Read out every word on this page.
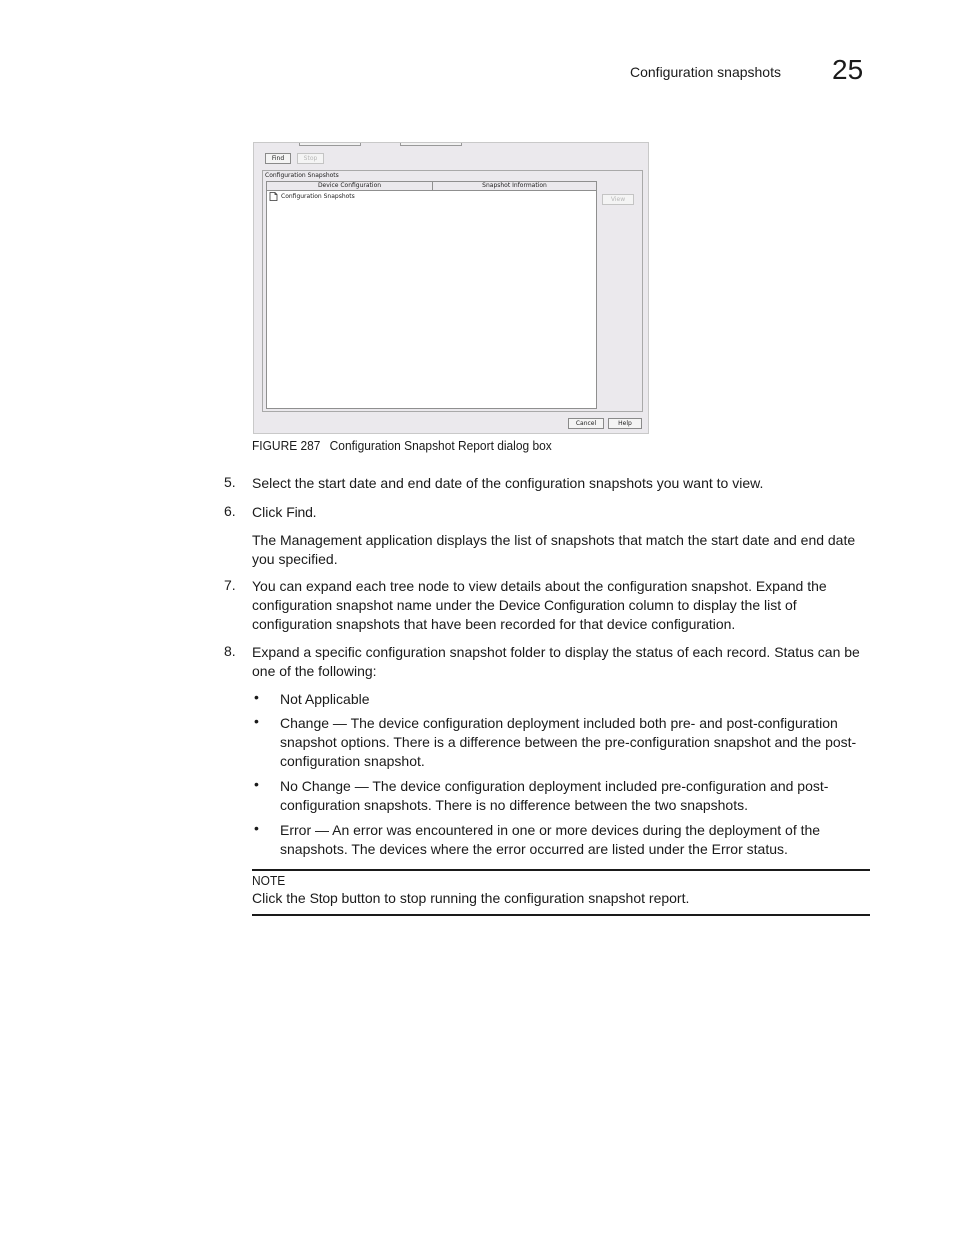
Configuration snapshots 25
Find	Stop
Configuration Snapshots
Device Configuration	Snapshot Information
Configuration Snapshots	View
Cancel	Help
FIGURE 287 Configuration Snapshot Report dialog box
5. Select the start date and end date of the configuration snapshots you want to view.
6. Click Find.
The Management application displays the list of snapshots that match the start date and end date you specified.
7. You can expand each tree node to view details about the configuration snapshot. Expand the configuration snapshot name under the Device Configuration column to display the list of configuration snapshots that have been recorded for that device configuration.
8. Expand a specific configuration snapshot folder to display the status of each record. Status can be one of the following:
• Not Applicable
• Change — The device configuration deployment included both pre- and post-configuration snapshot options. There is a difference between the pre-configuration snapshot and the post- configuration snapshot.
• No Change — The device configuration deployment included pre-configuration and post-configuration snapshots. There is no difference between the two snapshots.
• Error — An error was encountered in one or more devices during the deployment of the snapshots. The devices where the error occurred are listed under the Error status.
NOTE
Click the Stop button to stop running the configuration snapshot report.
